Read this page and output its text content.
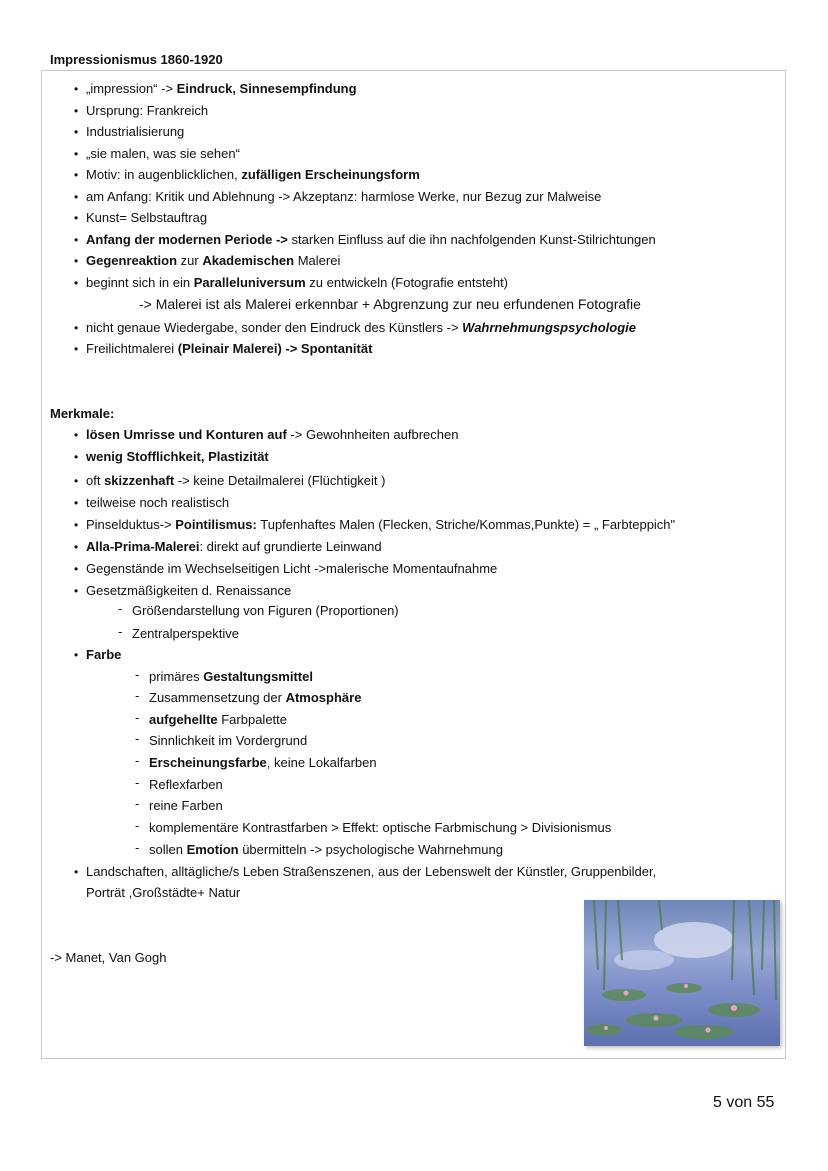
Impressionismus 1860-1920
-> Malerei ist als Malerei erkennbar + Abgrenzung zur neu erfundenen Fotografie
Merkmale:
• Farbe
• Landschaften, alltägliche/s Leben Straßenszenen, aus der Lebenswelt der Künstler, Gruppenbilder,
Porträt ,Großstädte+ Natur
-> Manet, Van Gogh
5 von 55
• „impression“ -> Eindruck, Sinnesempfindung
• Ursprung: Frankreich
• Industrialisierung
• „sie malen, was sie sehen“
• Motiv: in augenblicklichen, zufälligen Erscheinungsform
• am Anfang: Kritik und Ablehnung -> Akzeptanz: harmlose Werke, nur Bezug zur Malweise
• Kunst= Selbstauftrag
• Anfang der modernen Periode -> starken Einfluss auf die ihn nachfolgenden Kunst-Stilrichtungen
• Gegenreaktion zur Akademischen Malerei
• beginnt sich in ein Paralleluniversum zu entwickeln (Fotografie entsteht)
• nicht genaue Wiedergabe, sonder den Eindruck des Künstlers -> Wahrnehmungspsychologie
• Freilichtmalerei (Pleinair Malerei) -> Spontanität
• lösen Umrisse und Konturen auf -> Gewohnheiten aufbrechen
• wenig Stofflichkeit, Plastizität
• oft skizzenhaft -> keine Detailmalerei (Flüchtigkeit )
• teilweise noch realistisch
• Pinselduktus-> Pointilismus: Tupfenhaftes Malen (Flecken, Striche/Kommas,Punkte) = „ Farbteppich"
• Alla-Prima-Malerei: direkt auf grundierte Leinwand
• Gegenstände im Wechselseitigen Licht ->malerische Momentaufnahme
• Gesetzmäßigkeiten d. Renaissance
- Größendarstellung von Figuren (Proportionen)
- Zentralperspektive
- primäres Gestaltungsmittel
- Zusammensetzung der Atmosphäre
- aufgehellte Farbpalette
- Sinnlichkeit im Vordergrund
- Erscheinungsfarbe, keine Lokalfarben
- Reflexfarben
- reine Farben
- komplementäre Kontrastfarben > Effekt: optische Farbmischung > Divisionismus
- sollen Emotion übermitteln -> psychologische Wahrnehmung
